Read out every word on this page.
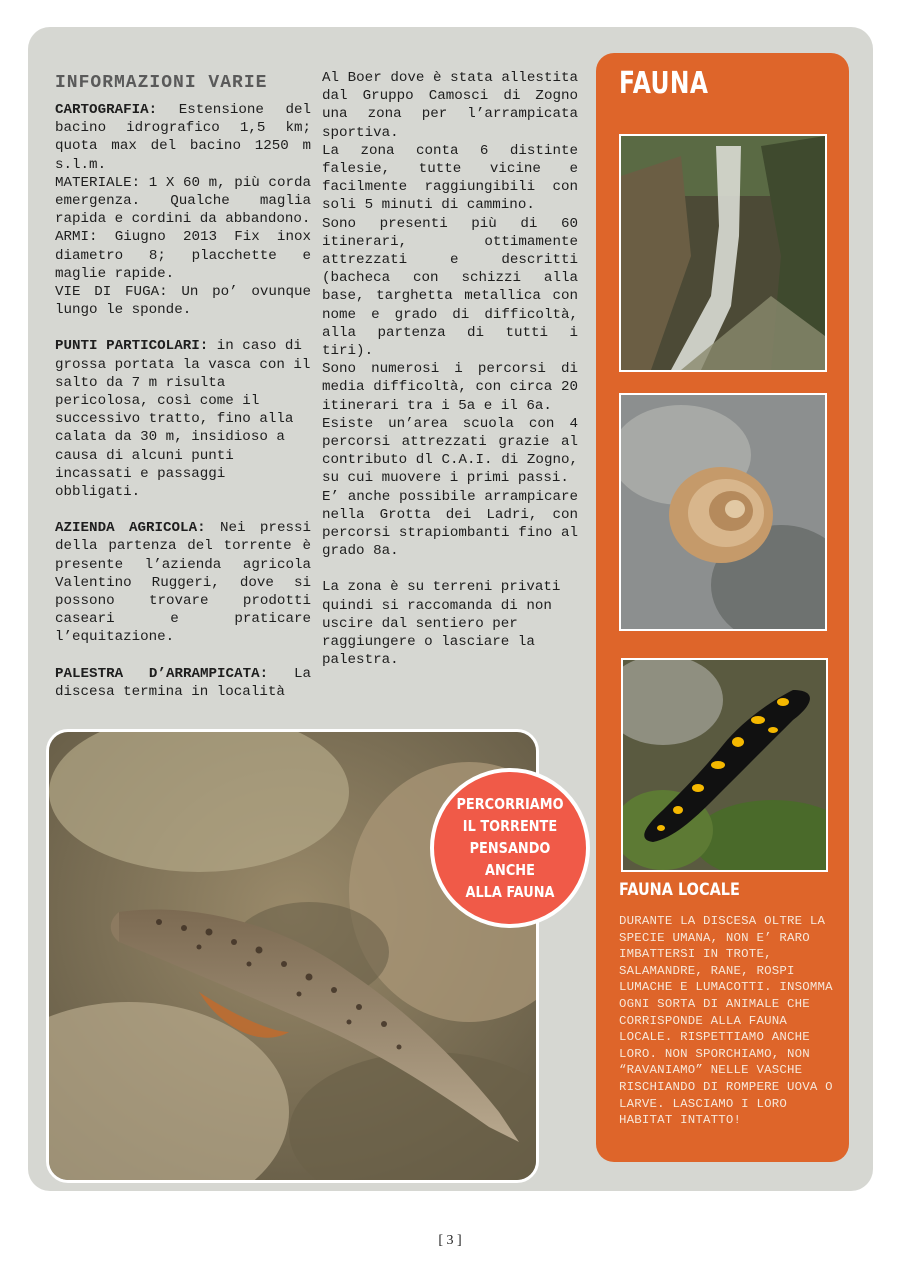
INFORMAZIONI VARIE

CARTOGRAFIA: Estensione del bacino idrografico 1,5 km; quota max del bacino 1250 m s.l.m.

MATERIALE: 1 X 60 m, più corda emergenza. Qualche maglia rapida e cordini da abbandono.

ARMI: Giugno 2013 Fix inox diametro 8; placchette e maglie rapide.

VIE DI FUGA: Un po’ ovunque lungo le sponde.

PUNTI PARTICOLARI: in caso di grossa portata la vasca con il salto da 7 m risulta pericolosa, così come il successivo tratto, fino alla calata da 30 m, insidioso a causa di alcuni punti incassati e passaggi obbligati.

AZIENDA AGRICOLA: Nei pressi della partenza del torrente è presente l’azienda agricola Valentino Ruggeri, dove si possono trovare prodotti caseari e praticare l’equitazione.

PALESTRA D’ARRAMPICATA: La discesa termina in località

Al Boer dove è stata allestita dal Gruppo Camosci di Zogno una zona per l’arrampicata sportiva.

La zona conta 6 distinte falesie, tutte vicine e facilmente raggiungibili con soli 5 minuti di cammino.

Sono presenti più di 60 itinerari, ottimamente attrezzati e descritti (bacheca con schizzi alla base, targhetta metallica con nome e grado di difficoltà, alla partenza di tutti i tiri).

Sono numerosi i percorsi di media difficoltà, con circa 20 itinerari tra i 5a e il 6a.

Esiste un’area scuola con 4 percorsi attrezzati grazie al contributo dl C.A.I. di Zogno, su cui muovere i primi passi.

E’ anche possibile arrampicare nella Grotta dei Ladri, con percorsi strapiombanti fino al grado 8a.

La zona è su terreni privati quindi si raccomanda di non uscire dal sentiero per raggiungere o lasciare la palestra.

PERCORRIAMO
IL TORRENTE
PENSANDO ANCHE
ALLA FAUNA
FAUNA
FAUNA LOCALE
DURANTE LA DISCESA OLTRE LA SPECIE UMANA, NON E’ RARO IMBATTERSI IN TROTE, SALAMANDRE, RANE, ROSPI LUMACHE E LUMACOTTI. INSOMMA OGNI SORTA DI ANIMALE CHE CORRISPONDE ALLA FAUNA LOCALE. RISPETTIAMO ANCHE LORO. NON SPORCHIAMO, NON “RAVANIAMO” NELLE VASCHE RISCHIANDO DI ROMPERE UOVA O LARVE. LASCIAMO I LORO HABITAT INTATTO!
[ 3 ]
